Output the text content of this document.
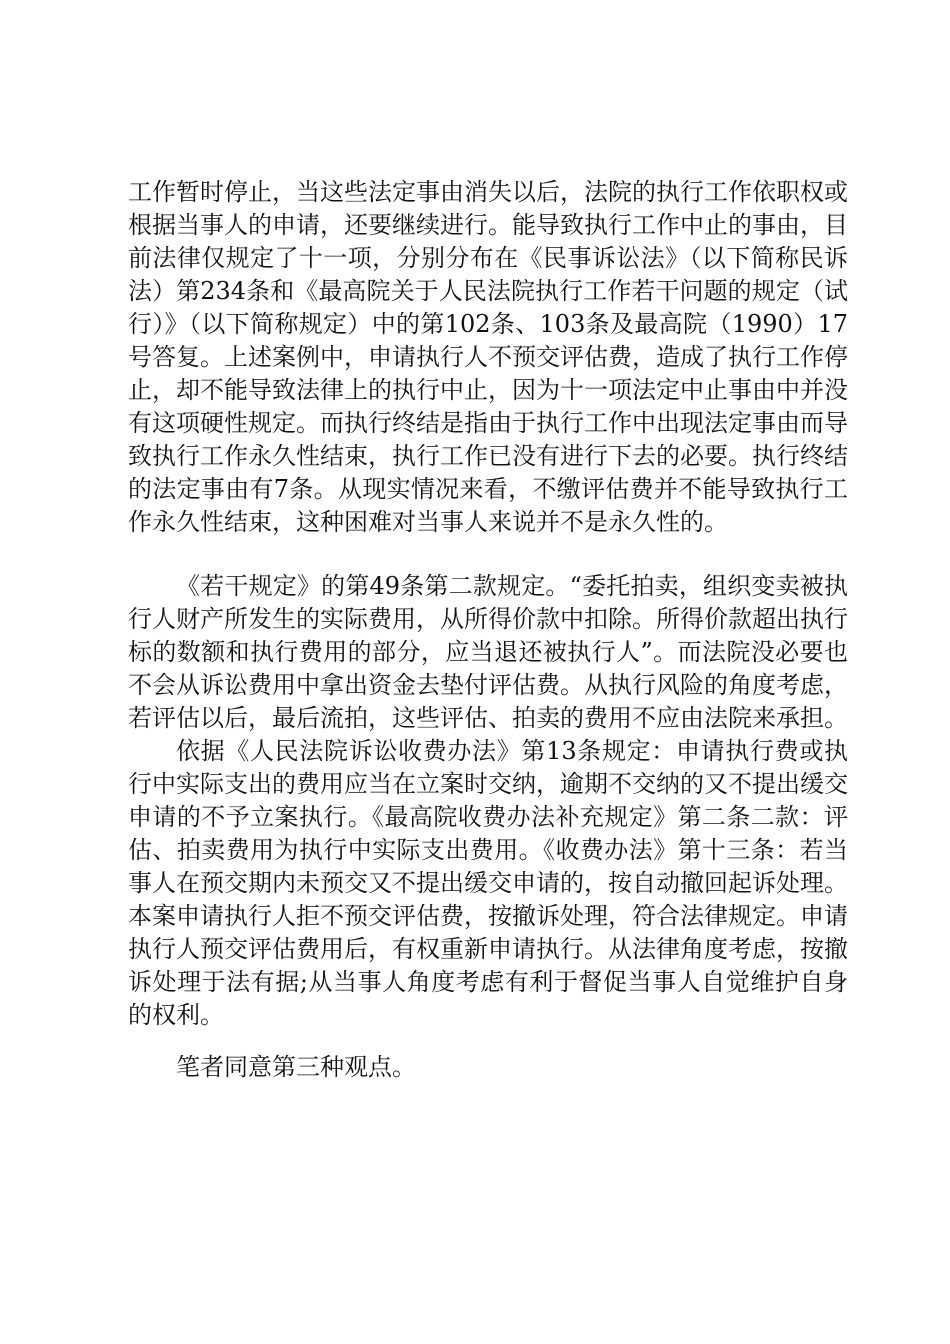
工作暂时停止，当这些法定事由消失以后，法院的执行工作依职权或根据当事人的申请，还要继续进行。能导致执行工作中止的事由，目前法律仅规定了十一项，分别分布在《民事诉讼法》（以下简称民诉法）第234条和《最高院关于人民法院执行工作若干问题的规定（试行）》（以下简称规定）中的第102条、103条及最高院（1990）17号答复。上述案例中，申请执行人不预交评估费，造成了执行工作停止，却不能导致法律上的执行中止，因为十一项法定中止事由中并没有这项硬性规定。而执行终结是指由于执行工作中出现法定事由而导致执行工作永久性结束，执行工作已没有进行下去的必要。执行终结的法定事由有7条。从现实情况来看，不缴评估费并不能导致执行工作永久性结束，这种困难对当事人来说并不是永久性的。

《若干规定》的第49条第二款规定。“委托拍卖，组织变卖被执行人财产所发生的实际费用，从所得价款中扣除。所得价款超出执行标的数额和执行费用的部分，应当退还被执行人”。而法院没必要也不会从诉讼费用中拿出资金去垫付评估费。从执行风险的角度考虑，若评估以后，最后流拍，这些评估、拍卖的费用不应由法院来承担。

依据《人民法院诉讼收费办法》第13条规定：申请执行费或执行中实际支出的费用应当在立案时交纳，逾期不交纳的又不提出缓交申请的不予立案执行。《最高院收费办法补充规定》第二条二款：评估、拍卖费用为执行中实际支出费用。《收费办法》第十三条：若当事人在预交期内未预交又不提出缓交申请的，按自动撤回起诉处理。本案申请执行人拒不预交评估费，按撤诉处理，符合法律规定。申请执行人预交评估费用后，有权重新申请执行。从法律角度考虑，按撤诉处理于法有据;从当事人角度考虑有利于督促当事人自觉维护自身的权利。

笔者同意第三种观点。
